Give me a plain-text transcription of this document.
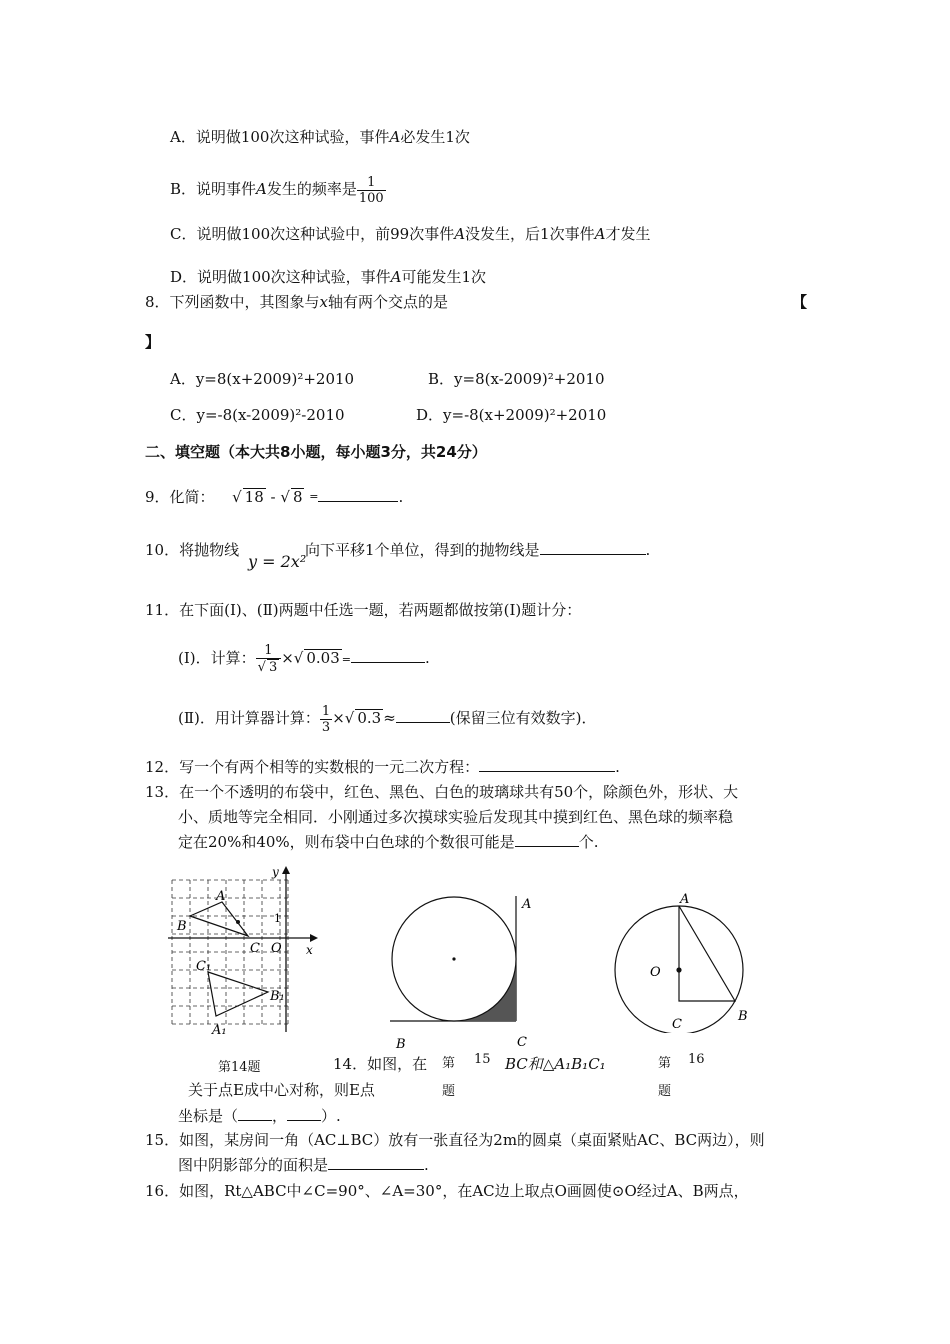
A．说明做100次这种试验，事件A必发生1次
B．说明事件A发生的频率是 $\frac{1}{100}$
C．说明做100次这种试验中，前99次事件A没发生，后1次事件A才发生
D．说明做100次这种试验，事件A可能发生1次
8．下列函数中，其图象与x轴有两个交点的是	【
】
A．y=8(x+2009)²+2010	B．y=8(x-2009)²+2010
C．y=-8(x-2009)²-2010	D．y=-8(x+2009)²+2010
二、填空题（本大共8小题，每小题3分，共24分）
9．化简： √ 18 - √ 8 =	.
10．将抛物线
y = 2x²
向下平移1个单位，得到的抛物线是	.
11．在下面(Ⅰ)、(Ⅱ)两题中任选一题，若两题都做按第(Ⅰ)题计分：
(Ⅰ)．计算： $\frac{1}{√ 3}$ ×√ 0.03 =	.
(Ⅱ)．用计算器计算： $\frac{1}{3}$ ×√ 0.3 ≈	(保留三位有效数字)．
12．写一个有两个相等的实数根的一元二次方程：	.
13．在一个不透明的布袋中，红色、黑色、白色的玻璃球共有50个，除颜色外，形状、大
小、质地等完全相同．小刚通过多次摸球实验后发现其中摸到红色、黑色球的频率稳
定在20%和40%，则布袋中白色球的个数很可能是	个.
A
B
C O x
y
1
C₁
B₁
A₁
第14题	14．如图，在	BC和△A₁B₁C₁
关于点E成中心对称，则E点
坐标是（ ， ）.
A
B	C
第 15
题
A
O
C
B
第 16
题
15．如图，某房间一角（AC⊥BC）放有一张直径为2m的圆桌（桌面紧贴AC、BC两边），则
图中阴影部分的面积是	.
16．如图，Rt△ABC中∠C=90°、∠A=30°，在AC边上取点O画圆使⊙O经过A、B两点，
